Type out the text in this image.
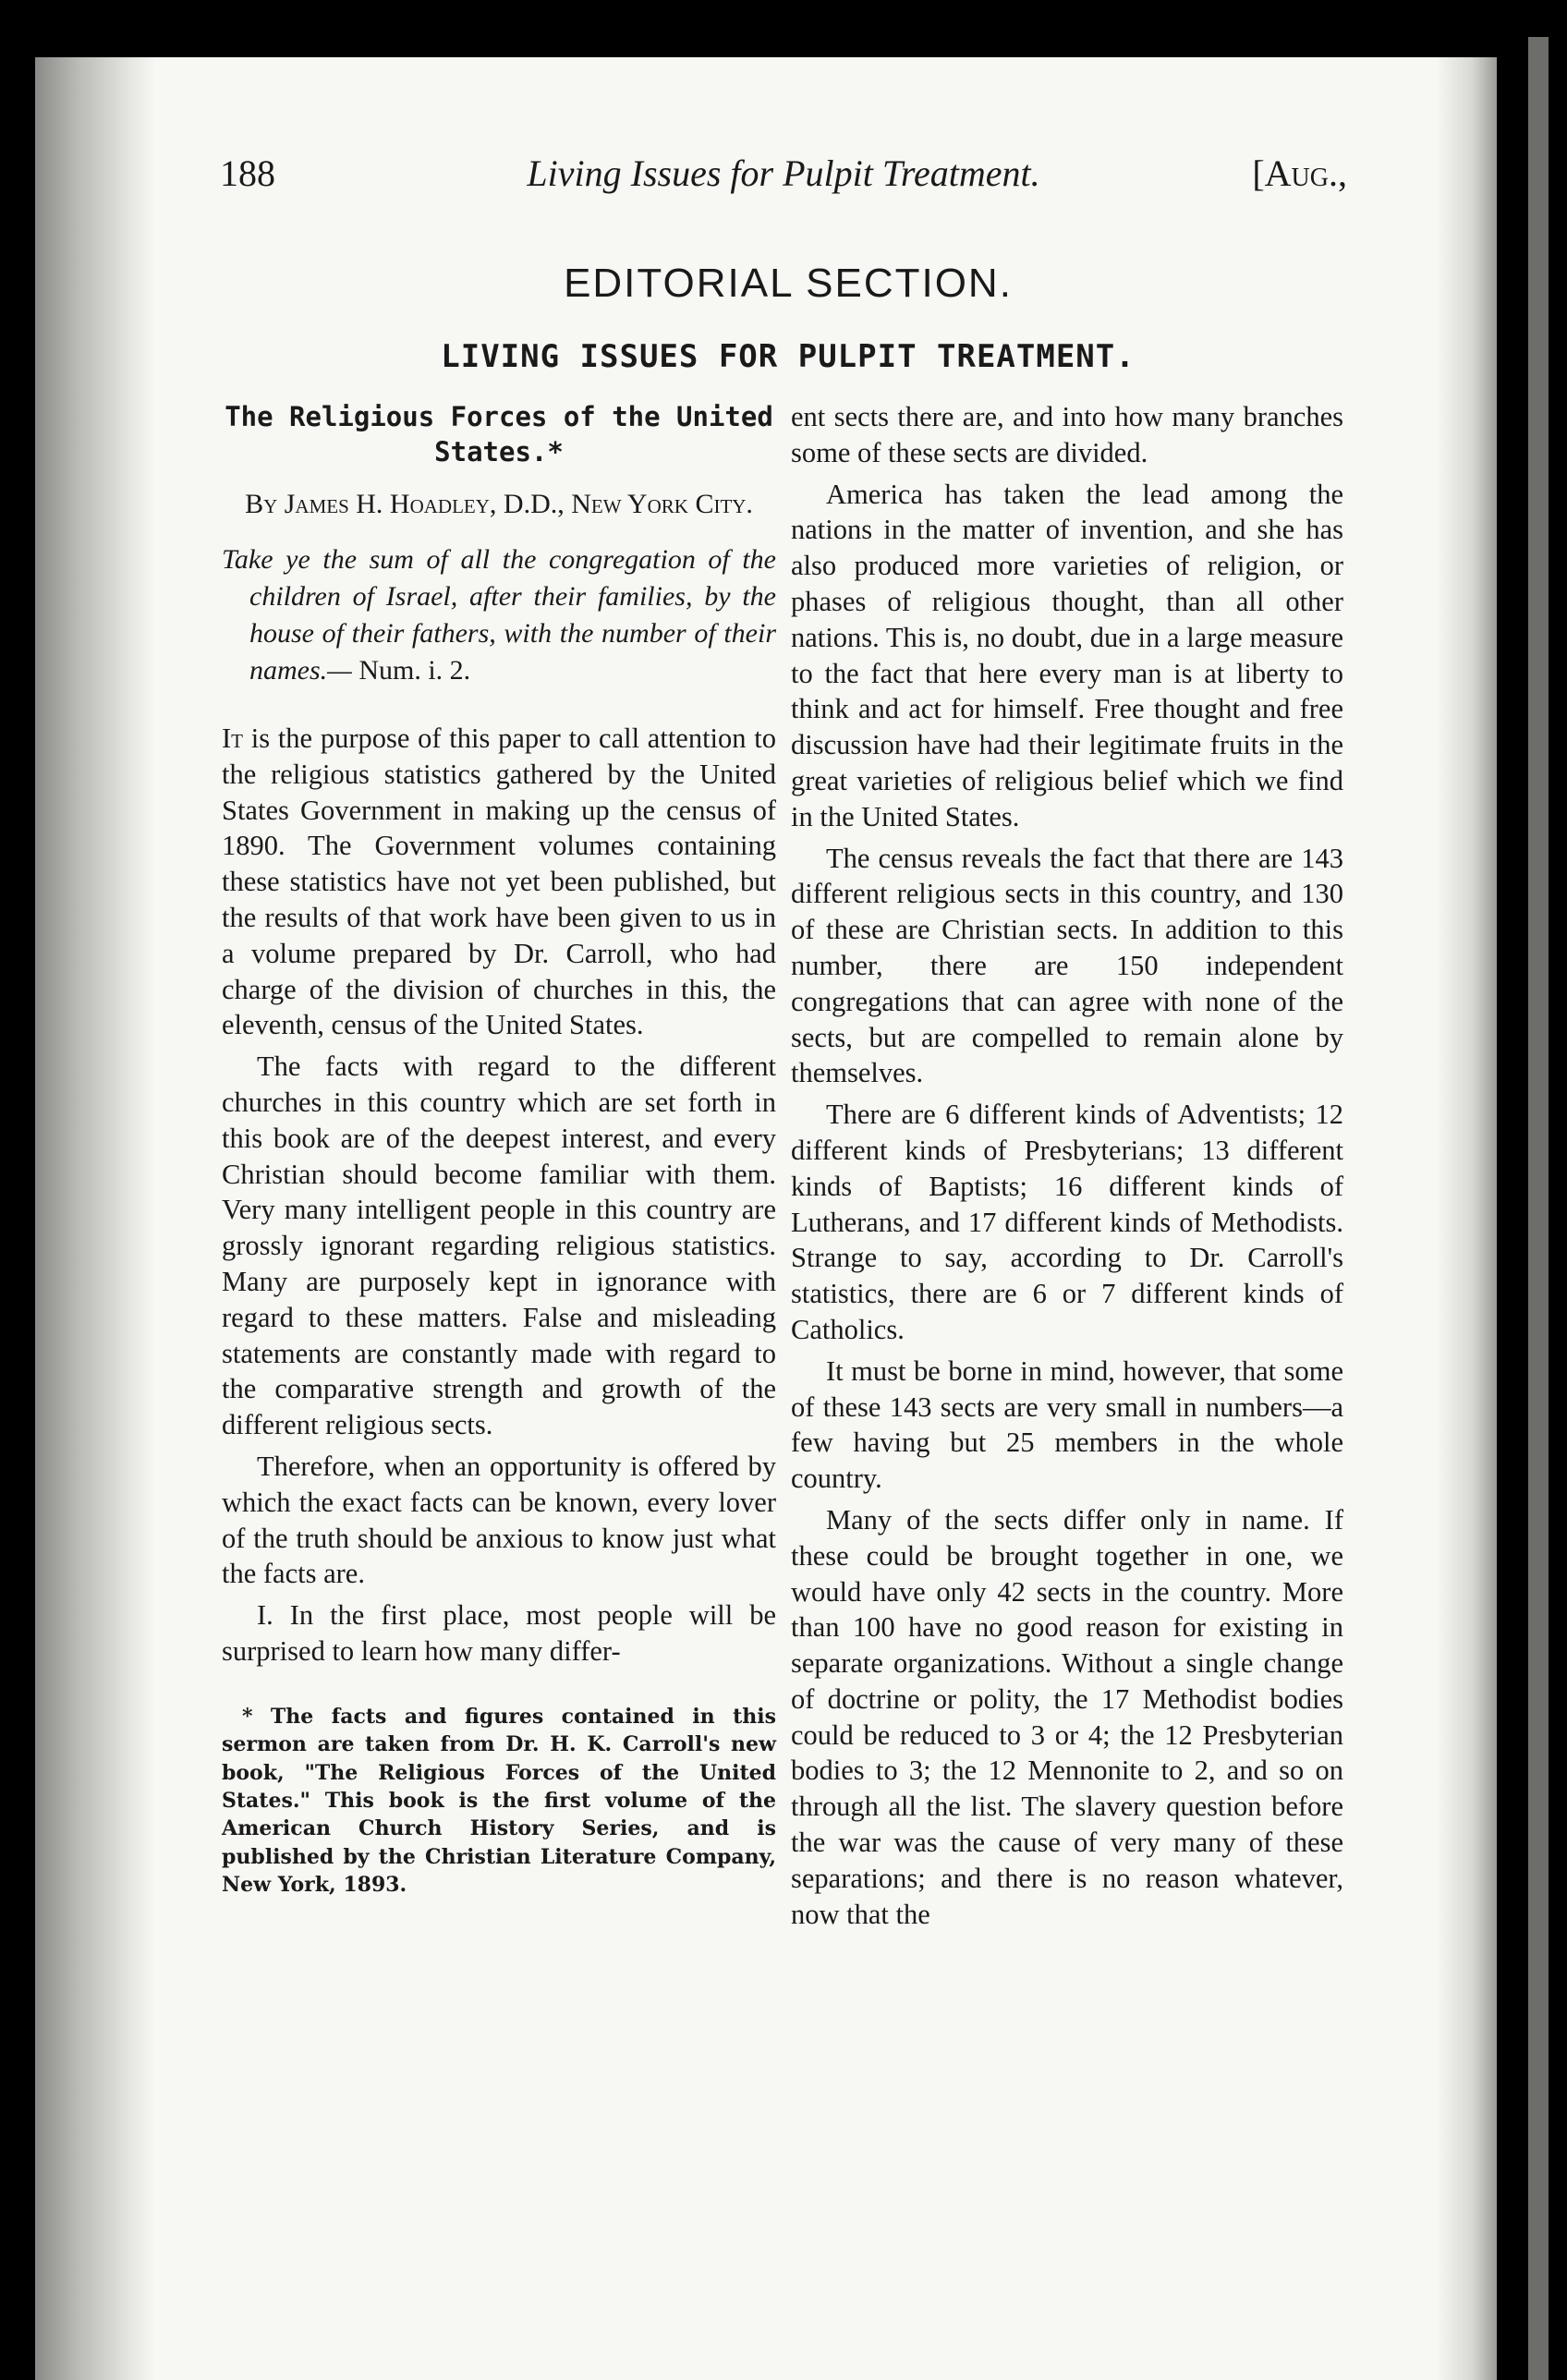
188	Living Issues for Pulpit Treatment.	[Aug.,
EDITORIAL SECTION.
LIVING ISSUES FOR PULPIT TREATMENT.
The Religious Forces of the United States.*
By James H. Hoadley, D.D., New York City.
Take ye the sum of all the congregation of the children of Israel, after their families, by the house of their fathers, with the number of their names.— Num. i. 2.

It is the purpose of this paper to call attention to the religious statistics gathered by the United States Government in making up the census of 1890. The Government volumes containing these statistics have not yet been published, but the results of that work have been given to us in a volume prepared by Dr. Carroll, who had charge of the division of churches in this, the eleventh, census of the United States.

The facts with regard to the different churches in this country which are set forth in this book are of the deepest interest, and every Christian should become familiar with them. Very many intelligent people in this country are grossly ignorant regarding religious statistics. Many are purposely kept in ignorance with regard to these matters. False and misleading statements are constantly made with regard to the comparative strength and growth of the different religious sects.

Therefore, when an opportunity is offered by which the exact facts can be known, every lover of the truth should be anxious to know just what the facts are.

I. In the first place, most people will be surprised to learn how many differ-

* The facts and figures contained in this sermon are taken from Dr. H. K. Carroll's new book, "The Religious Forces of the United States." This book is the first volume of the American Church History Series, and is published by the Christian Literature Company, New York, 1893.

ent sects there are, and into how many branches some of these sects are divided.

America has taken the lead among the nations in the matter of invention, and she has also produced more varieties of religion, or phases of religious thought, than all other nations. This is, no doubt, due in a large measure to the fact that here every man is at liberty to think and act for himself. Free thought and free discussion have had their legitimate fruits in the great varieties of religious belief which we find in the United States.

The census reveals the fact that there are 143 different religious sects in this country, and 130 of these are Christian sects. In addition to this number, there are 150 independent congregations that can agree with none of the sects, but are compelled to remain alone by themselves.

There are 6 different kinds of Adventists; 12 different kinds of Presbyterians; 13 different kinds of Baptists; 16 different kinds of Lutherans, and 17 different kinds of Methodists. Strange to say, according to Dr. Carroll's statistics, there are 6 or 7 different kinds of Catholics.

It must be borne in mind, however, that some of these 143 sects are very small in numbers—a few having but 25 members in the whole country.

Many of the sects differ only in name. If these could be brought together in one, we would have only 42 sects in the country. More than 100 have no good reason for existing in separate organizations. Without a single change of doctrine or polity, the 17 Methodist bodies could be reduced to 3 or 4; the 12 Presbyterian bodies to 3; the 12 Mennonite to 2, and so on through all the list. The slavery question before the war was the cause of very many of these separations; and there is no reason whatever, now that the
